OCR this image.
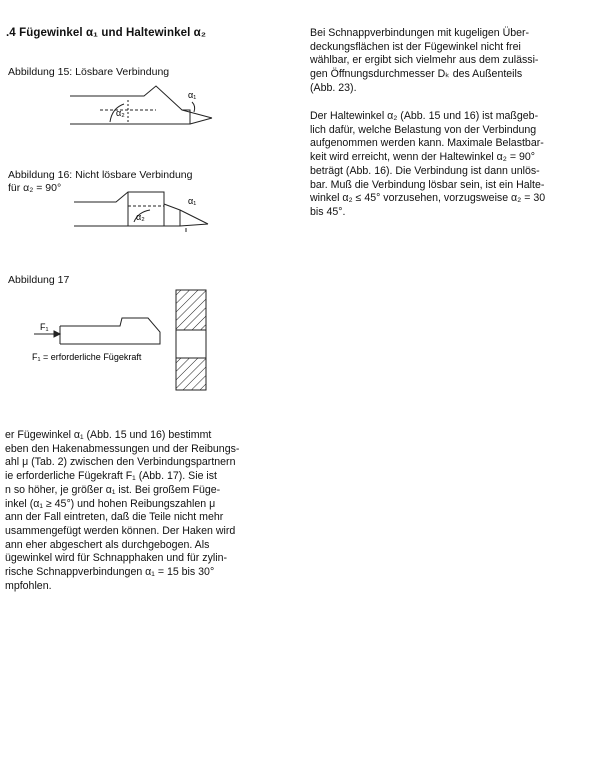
.4 Fügewinkel α₁ und Haltewinkel α₂
Abbildung 15: Lösbare Verbindung
α₂
α₁
Abbildung 16: Nicht lösbare Verbindung
für α₂ = 90°
α₂
α₁
Abbildung 17
F₁
F₁ = erforderliche Fügekraft
er Fügewinkel α₁ (Abb. 15 und 16) bestimmt
eben den Hakenabmessungen und der Reibungs-
ahl μ (Tab. 2) zwischen den Verbindungspartnern
ie erforderliche Fügekraft F₁ (Abb. 17). Sie ist
n so höher, je größer α₁ ist. Bei großem Füge-
inkel (α₁ ≥ 45°) und hohen Reibungszahlen μ
ann der Fall eintreten, daß die Teile nicht mehr
usammengefügt werden können. Der Haken wird
ann eher abgeschert als durchgebogen. Als
ügewinkel wird für Schnapphaken und für zylin-
rische Schnappverbindungen α₁ = 15 bis 30°
mpfohlen.
Bei Schnappverbindungen mit kugeligen Über-
deckungsflächen ist der Fügewinkel nicht frei
wählbar, er ergibt sich vielmehr aus dem zulässi-
gen Öffnungsdurchmesser Dₖ des Außenteils
(Abb. 23).
Der Haltewinkel α₂ (Abb. 15 und 16) ist maßgeb-
lich dafür, welche Belastung von der Verbindung
aufgenommen werden kann. Maximale Belastbar-
keit wird erreicht, wenn der Haltewinkel α₂ = 90°
beträgt (Abb. 16). Die Verbindung ist dann unlös-
bar. Muß die Verbindung lösbar sein, ist ein Halte-
winkel α₂ ≤ 45° vorzusehen, vorzugsweise α₂ = 30
bis 45°.
